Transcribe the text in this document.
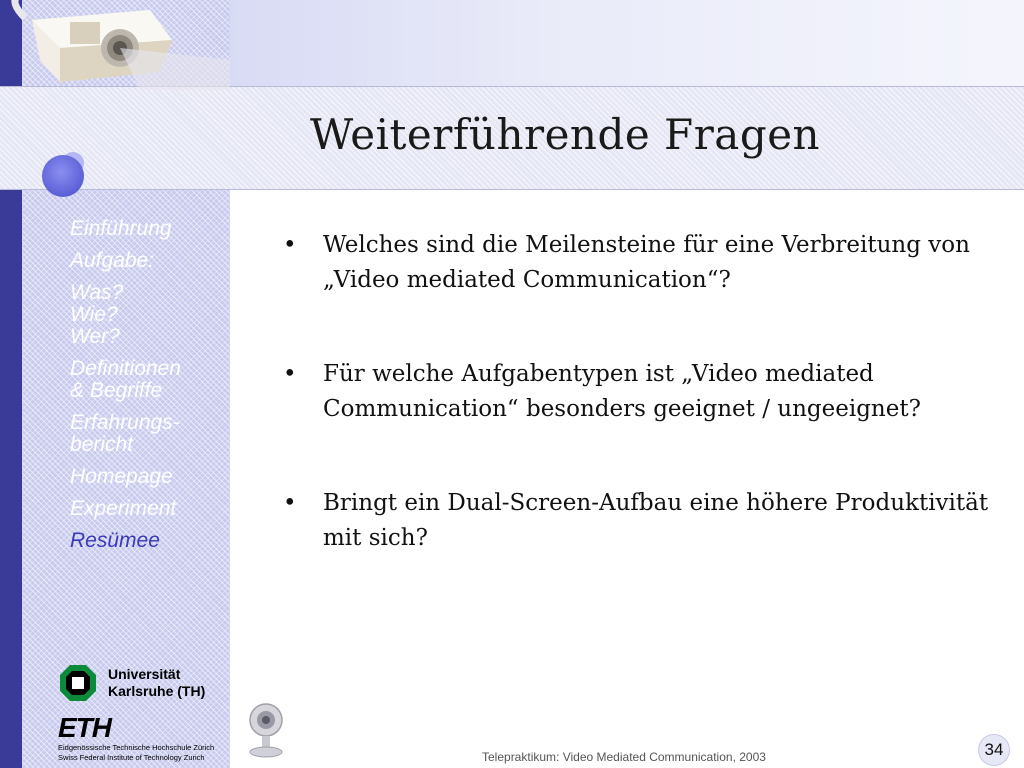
Weiterführende Fragen
Einführung
Aufgabe:
Was?
Wie?
Wer?
Definitionen
& Begriffe
Erfahrungs-
bericht
Homepage
Experiment
Resümee
• Welches sind die Meilensteine für eine Verbreitung von „Video mediated Communication“?
• Für welche Aufgabentypen ist „Video mediated Communication“ besonders geeignet / ungeeignet?
• Bringt ein Dual-Screen-Aufbau eine höhere Produktivität mit sich?
Universität
Karlsruhe (TH)
ETH
Eidgenössische Technische Hochschule Zürich
Swiss Federal Institute of Technology Zurich	Telepraktikum: Video Mediated Communication, 2003	34
